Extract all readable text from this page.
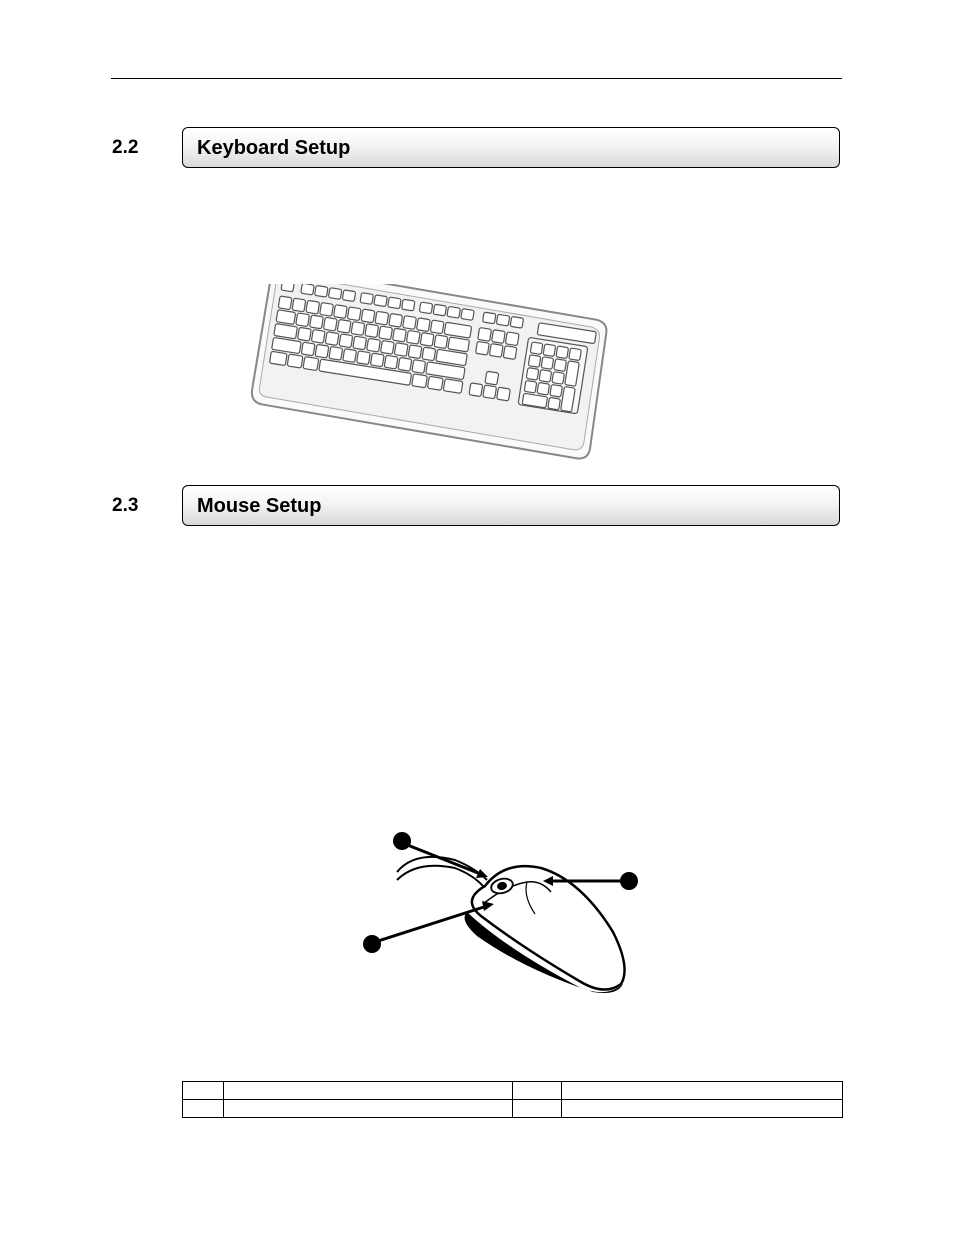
2.2	Keyboard Setup
2.3	Mouse Setup
